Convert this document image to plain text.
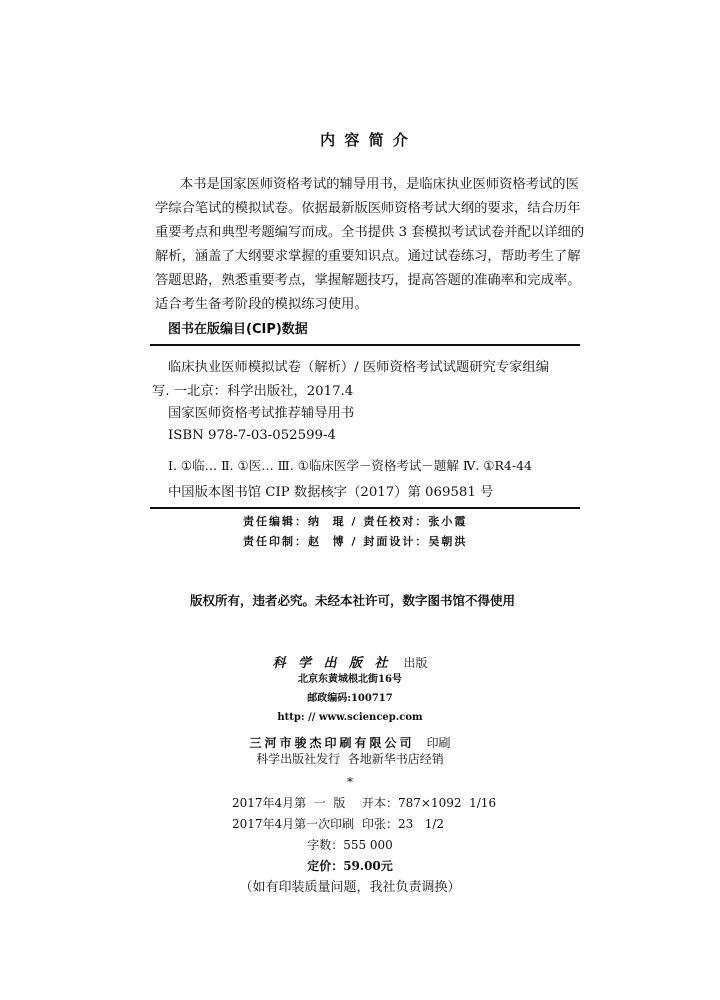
内 容 简 介
本书是国家医师资格考试的辅导用书，是临床执业医师资格考试的医
学综合笔试的模拟试卷。依据最新版医师资格考试大纲的要求，结合历年
重要考点和典型考题编写而成。全书提供 3 套模拟考试试卷并配以详细的
解析，涵盖了大纲要求掌握的重要知识点。通过试卷练习，帮助考生了解
答题思路，熟悉重要考点，掌握解题技巧，提高答题的准确率和完成率。
适合考生备考阶段的模拟练习使用。
图书在版编目(CIP)数据
临床执业医师模拟试卷（解析）/ 医师资格考试试题研究专家组编
写. 一北京：科学出版社，2017.4
国家医师资格考试推荐辅导用书
ISBN 978-7-03-052599-4
Ⅰ. ①临… Ⅱ. ①医… Ⅲ. ①临床医学－资格考试－题解 Ⅳ. ①R4-44
中国版本图书馆 CIP 数据核字（2017）第 069581 号
责任编辑：纳  琨 / 责任校对：张小霞
责任印制：赵  博 / 封面设计：吴朝洪
版权所有，违者必究。未经本社许可，数字图书馆不得使用
科 学 出 版 社 出版
北京东黄城根北街16号
邮政编码:100717
http: // www.sciencep.com
三河市骏杰印刷有限公司 印刷
科学出版社发行  各地新华书店经销
*
2017年4月第  一  版 开本：787×1092  1/16
2017年4月第一次印刷 印张：23   1/2
字数：555 000
定价：59.00元
（如有印装质量问题，我社负责调换）
